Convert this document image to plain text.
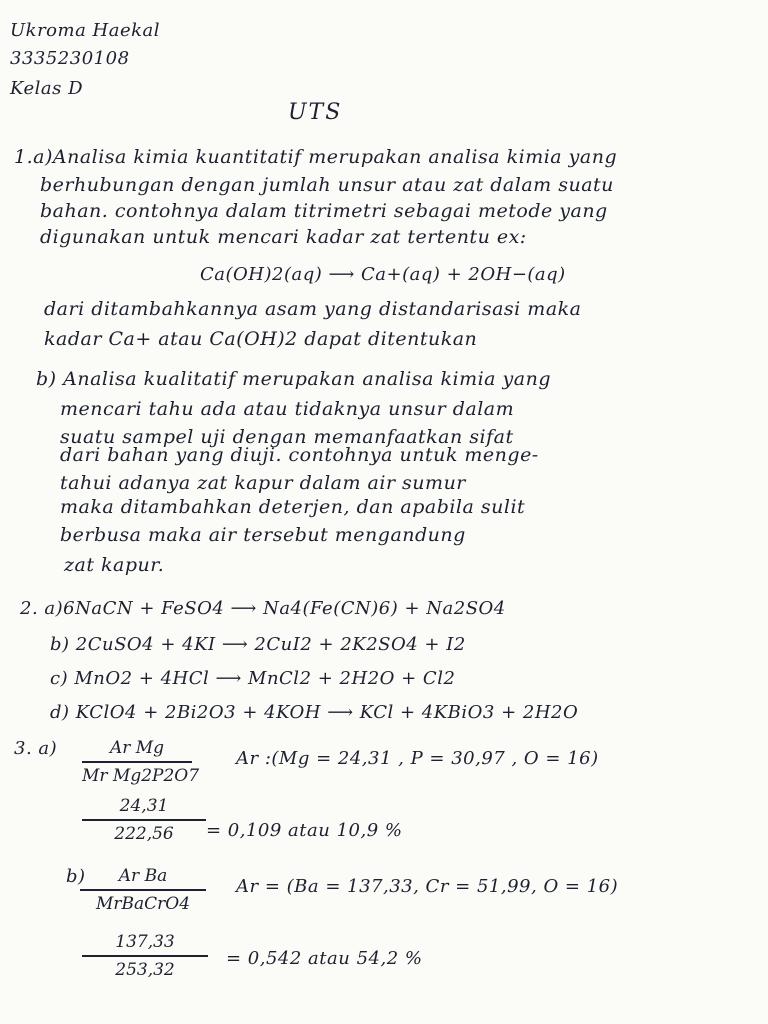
Ukroma Haekal
3335230108
Kelas D
UTS
1.a)Analisa kimia kuantitatif merupakan analisa kimia yang
berhubungan dengan jumlah unsur atau zat dalam suatu
bahan. contohnya dalam titrimetri sebagai metode yang
digunakan untuk mencari kadar zat tertentu ex:
Ca(OH)2(aq) ⟶ Ca+(aq) + 2OH−(aq)
dari ditambahkannya asam yang distandarisasi maka
kadar Ca+ atau Ca(OH)2 dapat ditentukan
b) Analisa kualitatif merupakan analisa kimia yang
mencari tahu ada atau tidaknya unsur dalam
suatu sampel uji dengan memanfaatkan sifat
dari bahan yang diuji. contohnya untuk menge-
tahui adanya zat kapur dalam air sumur
maka ditambahkan deterjen, dan apabila sulit
berbusa maka air tersebut mengandung
zat kapur.
2. a)6NaCN + FeSO4 ⟶ Na4(Fe(CN)6) + Na2SO4
b) 2CuSO4 + 4KI ⟶ 2CuI2 + 2K2SO4 + I2
c) MnO2 + 4HCl ⟶ MnCl2 + 2H2O + Cl2
d) KClO4 + 2Bi2O3 + 4KOH ⟶ KCl + 4KBiO3 + 2H2O
3. a)	Ar Mg
Mr Mg2P2O7
Ar :(Mg = 24,31 , P = 30,97 , O = 16)
24,31
222,56	= 0,109 atau 10,9 %
b)	Ar Ba
MrBaCrO4
Ar = (Ba = 137,33, Cr = 51,99, O = 16)
137,33
253,32
= 0,542 atau 54,2 %
